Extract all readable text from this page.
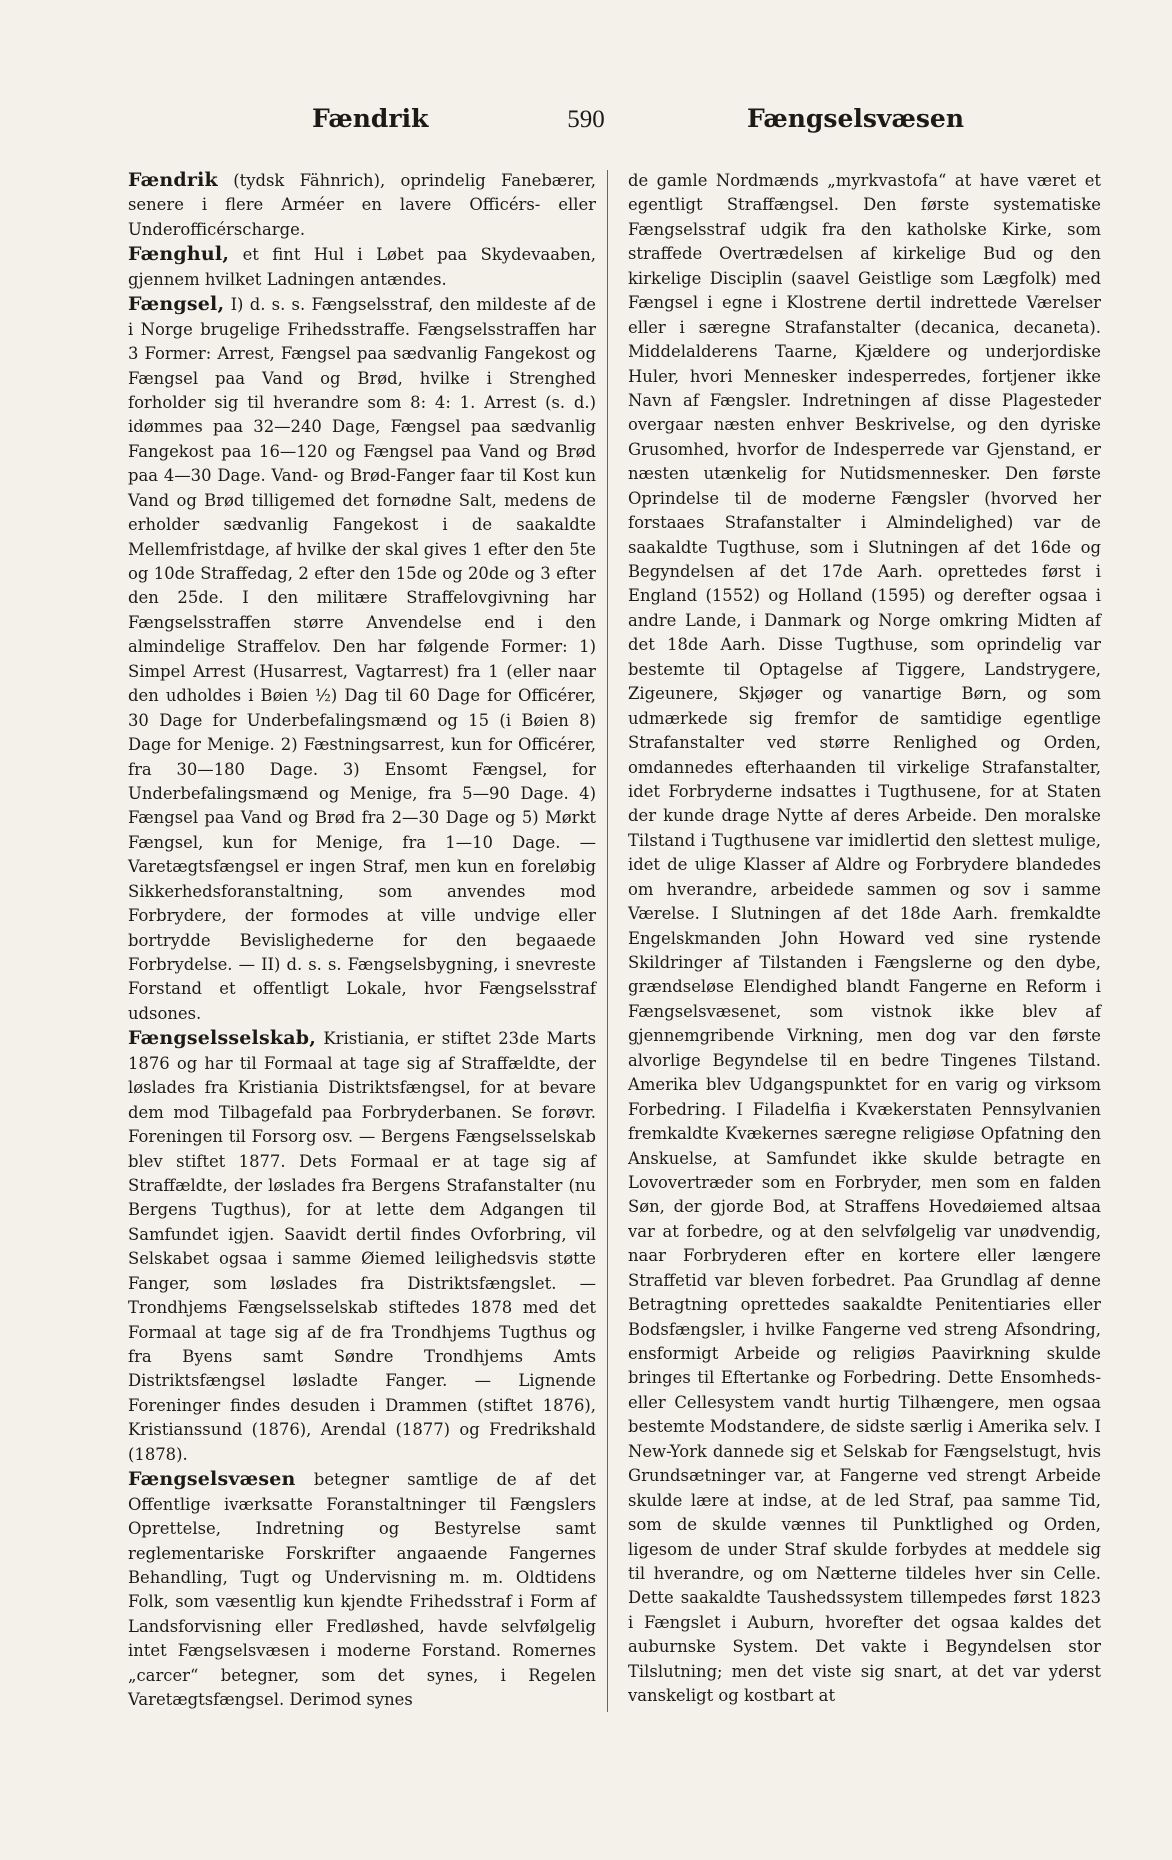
Fændrik	590	Fængselsvæsen

Fændrik (tydsk Fähnrich), oprindelig Fanebærer, senere i flere Arméer en lavere Officérs- eller Underofficérscharge.

Fænghul, et fint Hul i Løbet paa Skydevaaben, gjennem hvilket Ladningen antændes.

Fængsel, I) d. s. s. Fængselsstraf, den mildeste af de i Norge brugelige Frihedsstraffe. Fængselsstraffen har 3 Former: Arrest, Fængsel paa sædvanlig Fangekost og Fængsel paa Vand og Brød, hvilke i Strenghed forholder sig til hverandre som 8: 4: 1. Arrest (s. d.) idømmes paa 32—240 Dage, Fængsel paa sædvanlig Fangekost paa 16—120 og Fængsel paa Vand og Brød paa 4—30 Dage. Vand- og Brød-Fanger faar til Kost kun Vand og Brød tilligemed det fornødne Salt, medens de erholder sædvanlig Fangekost i de saakaldte Mellemfristdage, af hvilke der skal gives 1 efter den 5te og 10de Straffedag, 2 efter den 15de og 20de og 3 efter den 25de. I den militære Straffelovgivning har Fængselsstraffen større Anvendelse end i den almindelige Straffelov. Den har følgende Former: 1) Simpel Arrest (Husarrest, Vagtarrest) fra 1 (eller naar den udholdes i Bøien ½) Dag til 60 Dage for Officérer, 30 Dage for Underbefalingsmænd og 15 (i Bøien 8) Dage for Menige. 2) Fæstningsarrest, kun for Officérer, fra 30—180 Dage. 3) Ensomt Fængsel, for Underbefalingsmænd og Menige, fra 5—90 Dage. 4) Fængsel paa Vand og Brød fra 2—30 Dage og 5) Mørkt Fængsel, kun for Menige, fra 1—10 Dage. — Varetægtsfængsel er ingen Straf, men kun en foreløbig Sikkerhedsforanstaltning, som anvendes mod Forbrydere, der formodes at ville undvige eller bortrydde Bevislighederne for den begaaede Forbrydelse. — II) d. s. s. Fængselsbygning, i snevreste Forstand et offentligt Lokale, hvor Fængselsstraf udsones.

Fængselsselskab, Kristiania, er stiftet 23de Marts 1876 og har til Formaal at tage sig af Straffældte, der løslades fra Kristiania Distriktsfængsel, for at bevare dem mod Tilbagefald paa Forbryderbanen. Se forøvr. Foreningen til Forsorg osv. — Bergens Fængselsselskab blev stiftet 1877. Dets Formaal er at tage sig af Straffældte, der løslades fra Bergens Strafanstalter (nu Bergens Tugthus), for at lette dem Adgangen til Samfundet igjen. Saavidt dertil findes Ovforbring, vil Selskabet ogsaa i samme Øiemed leilighedsvis støtte Fanger, som løslades fra Distriktsfængslet. — Trondhjems Fængselsselskab stiftedes 1878 med det Formaal at tage sig af de fra Trondhjems Tugthus og fra Byens samt Søndre Trondhjems Amts Distriktsfængsel løsladte Fanger. — Lignende Foreninger findes desuden i Drammen (stiftet 1876), Kristianssund (1876), Arendal (1877) og Fredrikshald (1878).

Fængselsvæsen betegner samtlige de af det Offentlige iværksatte Foranstaltninger til Fængslers Oprettelse, Indretning og Bestyrelse samt reglementariske Forskrifter angaaende Fangernes Behandling, Tugt og Undervisning m. m. Oldtidens Folk, som væsentlig kun kjendte Frihedsstraf i Form af Landsforvisning eller Fredløshed, havde selvfølgelig intet Fængselsvæsen i moderne Forstand. Romernes „carcer“ betegner, som det synes, i Regelen Varetægtsfængsel. Derimod synes

de gamle Nordmænds „myrkvastofa“ at have været et egentligt Straffængsel. Den første systematiske Fængselsstraf udgik fra den katholske Kirke, som straffede Overtrædelsen af kirkelige Bud og den kirkelige Disciplin (saavel Geistlige som Lægfolk) med Fængsel i egne i Klostrene dertil indrettede Værelser eller i særegne Strafanstalter (decanica, decaneta). Middelalderens Taarne, Kjældere og underjordiske Huler, hvori Mennesker indesperredes, fortjener ikke Navn af Fængsler. Indretningen af disse Plagesteder overgaar næsten enhver Beskrivelse, og den dyriske Grusomhed, hvorfor de Indesperrede var Gjenstand, er næsten utænkelig for Nutidsmennesker. Den første Oprindelse til de moderne Fængsler (hvorved her forstaaes Strafanstalter i Almindelighed) var de saakaldte Tugthuse, som i Slutningen af det 16de og Begyndelsen af det 17de Aarh. oprettedes først i England (1552) og Holland (1595) og derefter ogsaa i andre Lande, i Danmark og Norge omkring Midten af det 18de Aarh. Disse Tugthuse, som oprindelig var bestemte til Optagelse af Tiggere, Landstrygere, Zigeunere, Skjøger og vanartige Børn, og som udmærkede sig fremfor de samtidige egentlige Strafanstalter ved større Renlighed og Orden, omdannedes efterhaanden til virkelige Strafanstalter, idet Forbryderne indsattes i Tugthusene, for at Staten der kunde drage Nytte af deres Arbeide. Den moralske Tilstand i Tugthusene var imidlertid den slettest mulige, idet de ulige Klasser af Aldre og Forbrydere blandedes om hverandre, arbeidede sammen og sov i samme Værelse. I Slutningen af det 18de Aarh. fremkaldte Engelskmanden John Howard ved sine rystende Skildringer af Tilstanden i Fængslerne og den dybe, grændseløse Elendighed blandt Fangerne en Reform i Fængselsvæsenet, som vistnok ikke blev af gjennemgribende Virkning, men dog var den første alvorlige Begyndelse til en bedre Tingenes Tilstand. Amerika blev Udgangspunktet for en varig og virksom Forbedring. I Filadelfia i Kvækerstaten Pennsylvanien fremkaldte Kvækernes særegne religiøse Opfatning den Anskuelse, at Samfundet ikke skulde betragte en Lovovertræder som en Forbryder, men som en falden Søn, der gjorde Bod, at Straffens Hovedøiemed altsaa var at forbedre, og at den selvfølgelig var unødvendig, naar Forbryderen efter en kortere eller længere Straffetid var bleven forbedret. Paa Grundlag af denne Betragtning oprettedes saakaldte Penitentiaries eller Bodsfængsler, i hvilke Fangerne ved streng Afsondring, ensformigt Arbeide og religiøs Paavirkning skulde bringes til Eftertanke og Forbedring. Dette Ensomheds- eller Cellesystem vandt hurtig Tilhængere, men ogsaa bestemte Modstandere, de sidste særlig i Amerika selv. I New-York dannede sig et Selskab for Fængselstugt, hvis Grundsætninger var, at Fangerne ved strengt Arbeide skulde lære at indse, at de led Straf, paa samme Tid, som de skulde vænnes til Punktlighed og Orden, ligesom de under Straf skulde forbydes at meddele sig til hverandre, og om Nætterne tildeles hver sin Celle. Dette saakaldte Taushedssystem tillempedes først 1823 i Fængslet i Auburn, hvorefter det ogsaa kaldes det auburnske System. Det vakte i Begyndelsen stor Tilslutning; men det viste sig snart, at det var yderst vanskeligt og kostbart at
